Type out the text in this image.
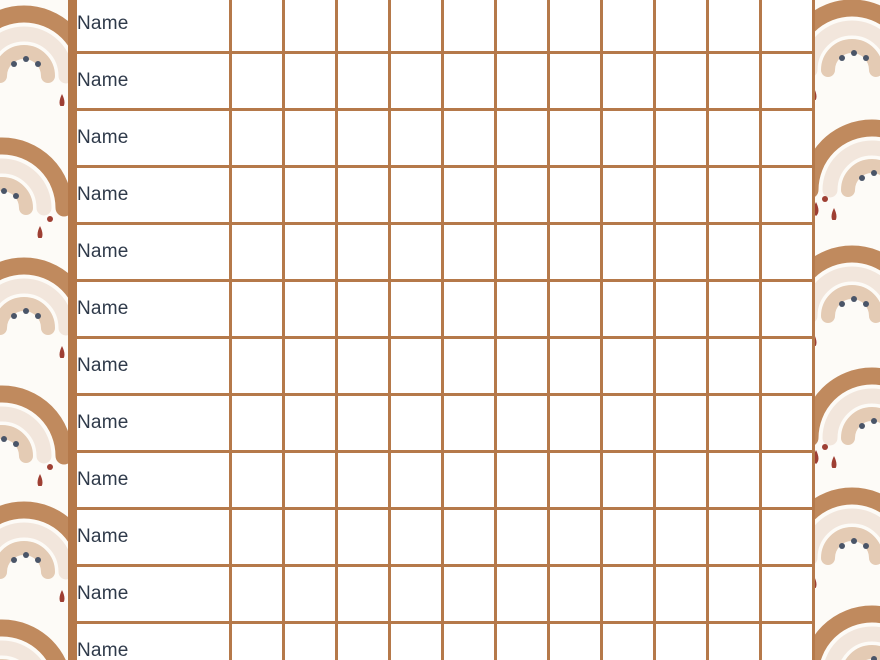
Name											
Name											
Name											
Name											
Name											
Name											
Name											
Name											
Name											
Name											
Name											
Name											
